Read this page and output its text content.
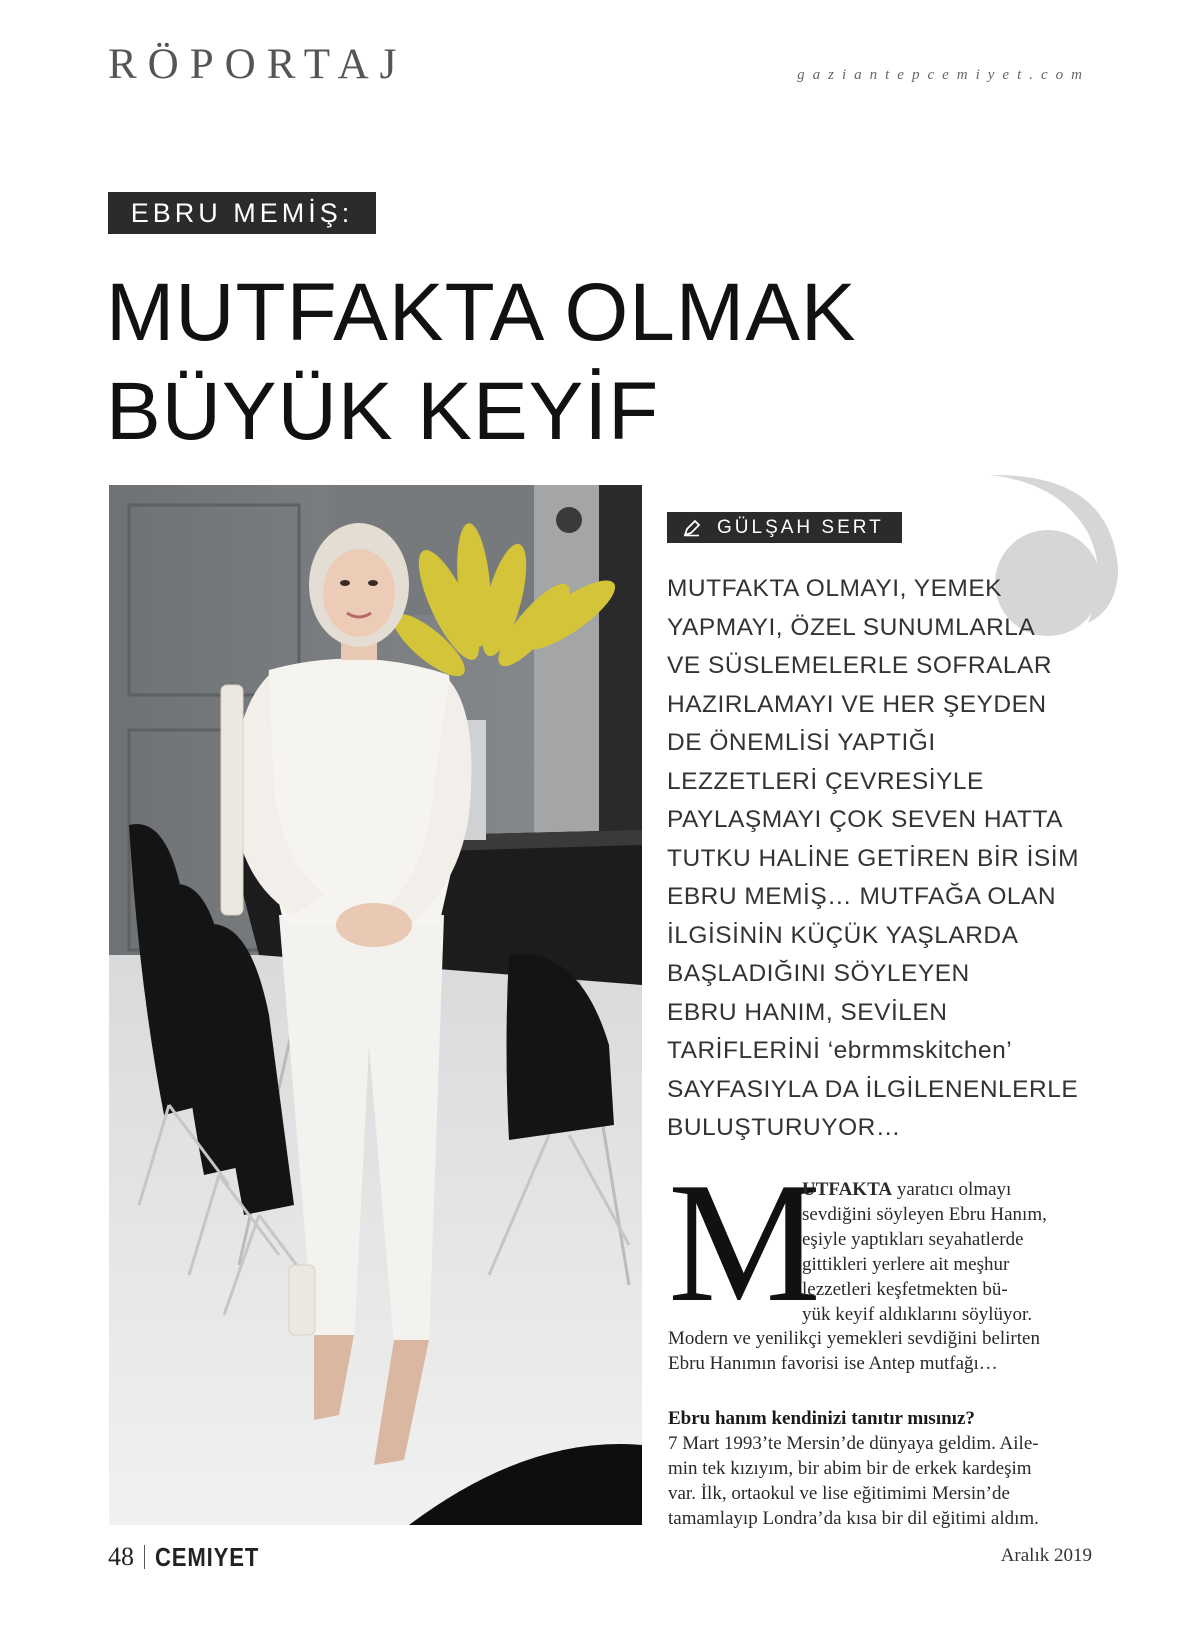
RÖPORTAJ	gaziantepcemiyet.com
EBRU MEMİŞ:
MUTFAKTA OLMAK
BÜYÜK KEYİF
GÜLŞAH SERT
MUTFAKTA OLMAYI, YEMEK
YAPMAYI, ÖZEL SUNUMLARLA
VE SÜSLEMELERLE SOFRALAR
HAZIRLAMAYI VE HER ŞEYDEN
DE ÖNEMLİSİ YAPTIĞI
LEZZETLERİ ÇEVRESİYLE
PAYLAŞMAYI ÇOK SEVEN HATTA
TUTKU HALİNE GETİREN BİR İSİM
EBRU MEMİŞ… MUTFAĞA OLAN
İLGİSİNİN KÜÇÜK YAŞLARDA
BAŞLADIĞINI SÖYLEYEN
EBRU HANIM, SEVİLEN
TARİFLERİNİ ‘ebrmmskitchen’
SAYFASIYLA DA İLGİLENENLERLE
BULUŞTURUYOR…
M
UTFAKTA yaratıcı olmayı
sevdiğini söyleyen Ebru Hanım,
eşiyle yaptıkları seyahatlerde
gittikleri yerlere ait meşhur
lezzetleri keşfetmekten bü-
yük keyif aldıklarını söylüyor.
Modern ve yenilikçi yemekleri sevdiğini belirten
Ebru Hanımın favorisi ise Antep mutfağı…
Ebru hanım kendinizi tanıtır mısınız?
7 Mart 1993’te Mersin’de dünyaya geldim. Aile-
min tek kızıyım, bir abim bir de erkek kardeşim
var. İlk, ortaokul ve lise eğitimimi Mersin’de
tamamlayıp Londra’da kısa bir dil eğitimi aldım.
48 CEMIYET	Aralık 2019
